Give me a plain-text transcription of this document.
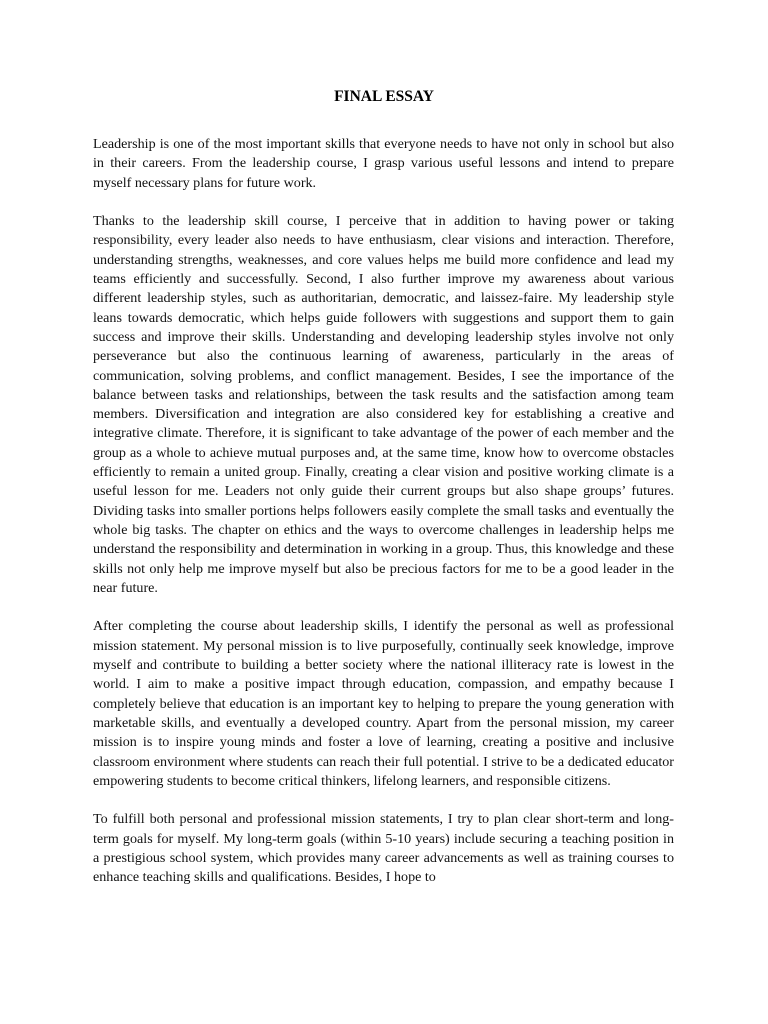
FINAL ESSAY

Leadership is one of the most important skills that everyone needs to have not only in school but also in their careers. From the leadership course, I grasp various useful lessons and intend to prepare myself necessary plans for future work.

Thanks to the leadership skill course, I perceive that in addition to having power or taking responsibility, every leader also needs to have enthusiasm, clear visions and interaction. Therefore, understanding strengths, weaknesses, and core values helps me build more confidence and lead my teams efficiently and successfully. Second, I also further improve my awareness about various different leadership styles, such as authoritarian, democratic, and laissez-faire. My leadership style leans towards democratic, which helps guide followers with suggestions and support them to gain success and improve their skills. Understanding and developing leadership styles involve not only perseverance but also the continuous learning of awareness, particularly in the areas of communication, solving problems, and conflict management. Besides, I see the importance of the balance between tasks and relationships, between the task results and the satisfaction among team members. Diversification and integration are also considered key for establishing a creative and integrative climate. Therefore, it is significant to take advantage of the power of each member and the group as a whole to achieve mutual purposes and, at the same time, know how to overcome obstacles efficiently to remain a united group. Finally, creating a clear vision and positive working climate is a useful lesson for me. Leaders not only guide their current groups but also shape groups’ futures. Dividing tasks into smaller portions helps followers easily complete the small tasks and eventually the whole big tasks. The chapter on ethics and the ways to overcome challenges in leadership helps me understand the responsibility and determination in working in a group. Thus, this knowledge and these skills not only help me improve myself but also be precious factors for me to be a good leader in the near future.

After completing the course about leadership skills, I identify the personal as well as professional mission statement. My personal mission is to live purposefully, continually seek knowledge, improve myself and contribute to building a better society where the national illiteracy rate is lowest in the world. I aim to make a positive impact through education, compassion, and empathy because I completely believe that education is an important key to helping to prepare the young generation with marketable skills, and eventually a developed country. Apart from the personal mission, my career mission is to inspire young minds and foster a love of learning, creating a positive and inclusive classroom environment where students can reach their full potential. I strive to be a dedicated educator empowering students to become critical thinkers, lifelong learners, and responsible citizens.

To fulfill both personal and professional mission statements, I try to plan clear short-term and long-term goals for myself. My long-term goals (within 5-10 years) include securing a teaching position in a prestigious school system, which provides many career advancements as well as training courses to enhance teaching skills and qualifications. Besides, I hope to
